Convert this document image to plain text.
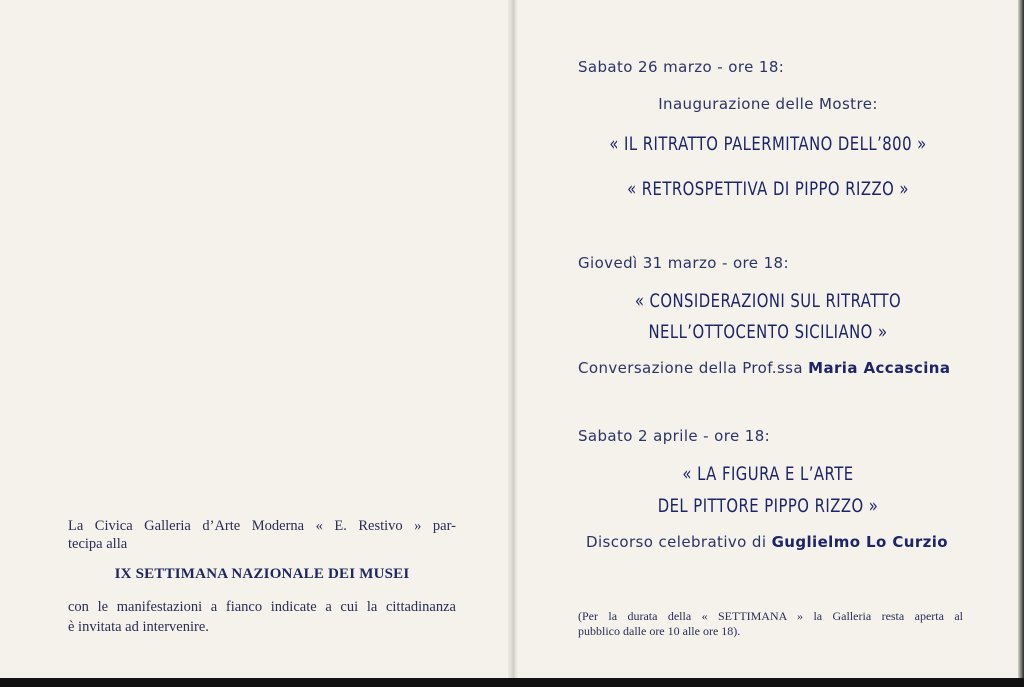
La Civica Galleria d’Arte Moderna « E. Restivo » par-

tecipa alla

IX SETTIMANA NAZIONALE DEI MUSEI

con le manifestazioni a fianco indicate a cui la cittadinanza
è invitata ad intervenire.

Sabato 26 marzo - ore 18:

Inaugurazione delle Mostre:

« IL RITRATTO PALERMITANO DELL’800 »

« RETROSPETTIVA DI PIPPO RIZZO »

Giovedì 31 marzo - ore 18:

« CONSIDERAZIONI SUL RITRATTO

NELL’OTTOCENTO SICILIANO »

Conversazione della Prof.ssa Maria Accascina

Sabato 2 aprile - ore 18:

« LA FIGURA E L’ARTE

DEL PITTORE PIPPO RIZZO »

Discorso celebrativo di Guglielmo Lo Curzio

(Per la durata della « SETTIMANA » la Galleria resta aperta al
pubblico dalle ore 10 alle ore 18).
